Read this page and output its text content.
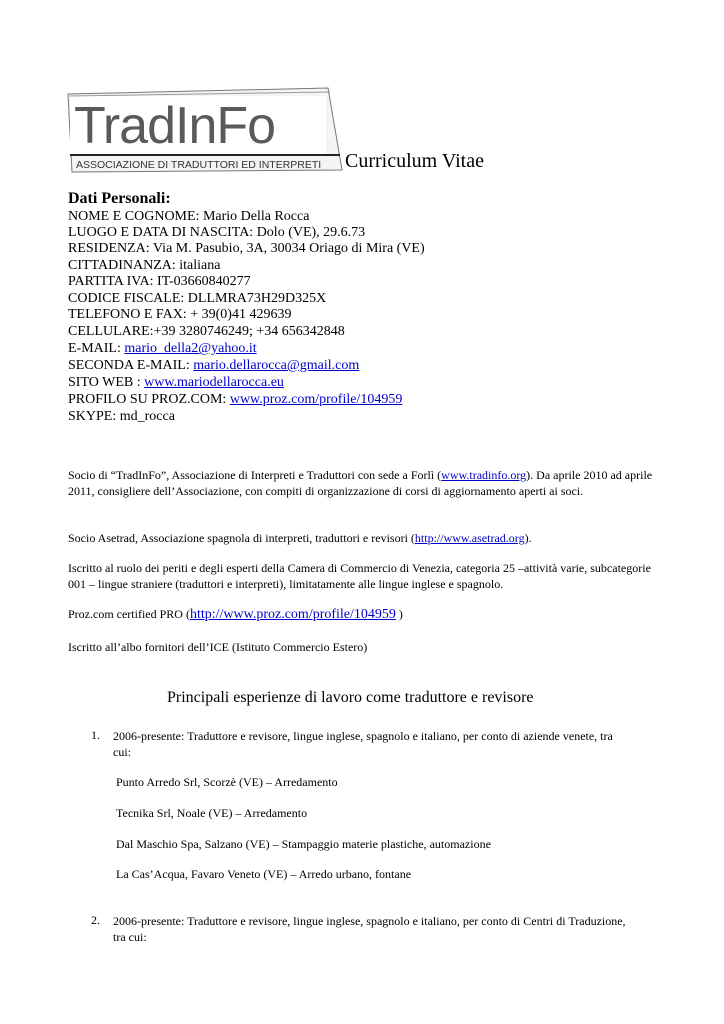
TradInFo
ASSOCIAZIONE DI TRADUTTORI ED INTERPRETI Curriculum Vitae
Dati Personali:
NOME E COGNOME: Mario Della Rocca
LUOGO E DATA DI NASCITA: Dolo (VE), 29.6.73
RESIDENZA: Via M. Pasubio, 3A, 30034 Oriago di Mira (VE)
CITTADINANZA: italiana
PARTITA IVA: IT-03660840277
CODICE FISCALE: DLLMRA73H29D325X
TELEFONO E FAX: + 39(0)41 429639
CELLULARE:+39 3280746249; +34 656342848
E-MAIL: mario_della2@yahoo.it
SECONDA E-MAIL: mario.dellarocca@gmail.com
SITO WEB : www.mariodellarocca.eu
PROFILO SU PROZ.COM: www.proz.com/profile/104959
SKYPE: md_rocca
Socio di “TradInFo”, Associazione di Interpreti e Traduttori con sede a Forlì (www.tradinfo.org). Da aprile 2010 ad aprile 2011, consigliere dell’Associazione, con compiti di organizzazione di corsi di aggiornamento aperti ai soci.
Socio Asetrad, Associazione spagnola di interpreti, traduttori e revisori (http://www.asetrad.org).
Iscritto al ruolo dei periti e degli esperti della Camera di Commercio di Venezia, categoria 25 –attività varie, subcategorie 001 – lingue straniere (traduttori e interpreti), limitatamente alle lingue inglese e spagnolo.
Proz.com certified PRO (http://www.proz.com/profile/104959 )
Iscritto all’albo fornitori dell’ICE (Istituto Commercio Estero)
Principali esperienze di lavoro come traduttore e revisore
1. 2006-presente: Traduttore e revisore, lingue inglese, spagnolo e italiano, per conto di aziende venete, tra cui:
Punto Arredo Srl, Scorzè (VE) – Arredamento
Tecnika Srl, Noale (VE) – Arredamento
Dal Maschio Spa, Salzano (VE) – Stampaggio materie plastiche, automazione
La Cas’Acqua, Favaro Veneto (VE) – Arredo urbano, fontane
2. 2006-presente: Traduttore e revisore, lingue inglese, spagnolo e italiano, per conto di Centri di Traduzione, tra cui:
